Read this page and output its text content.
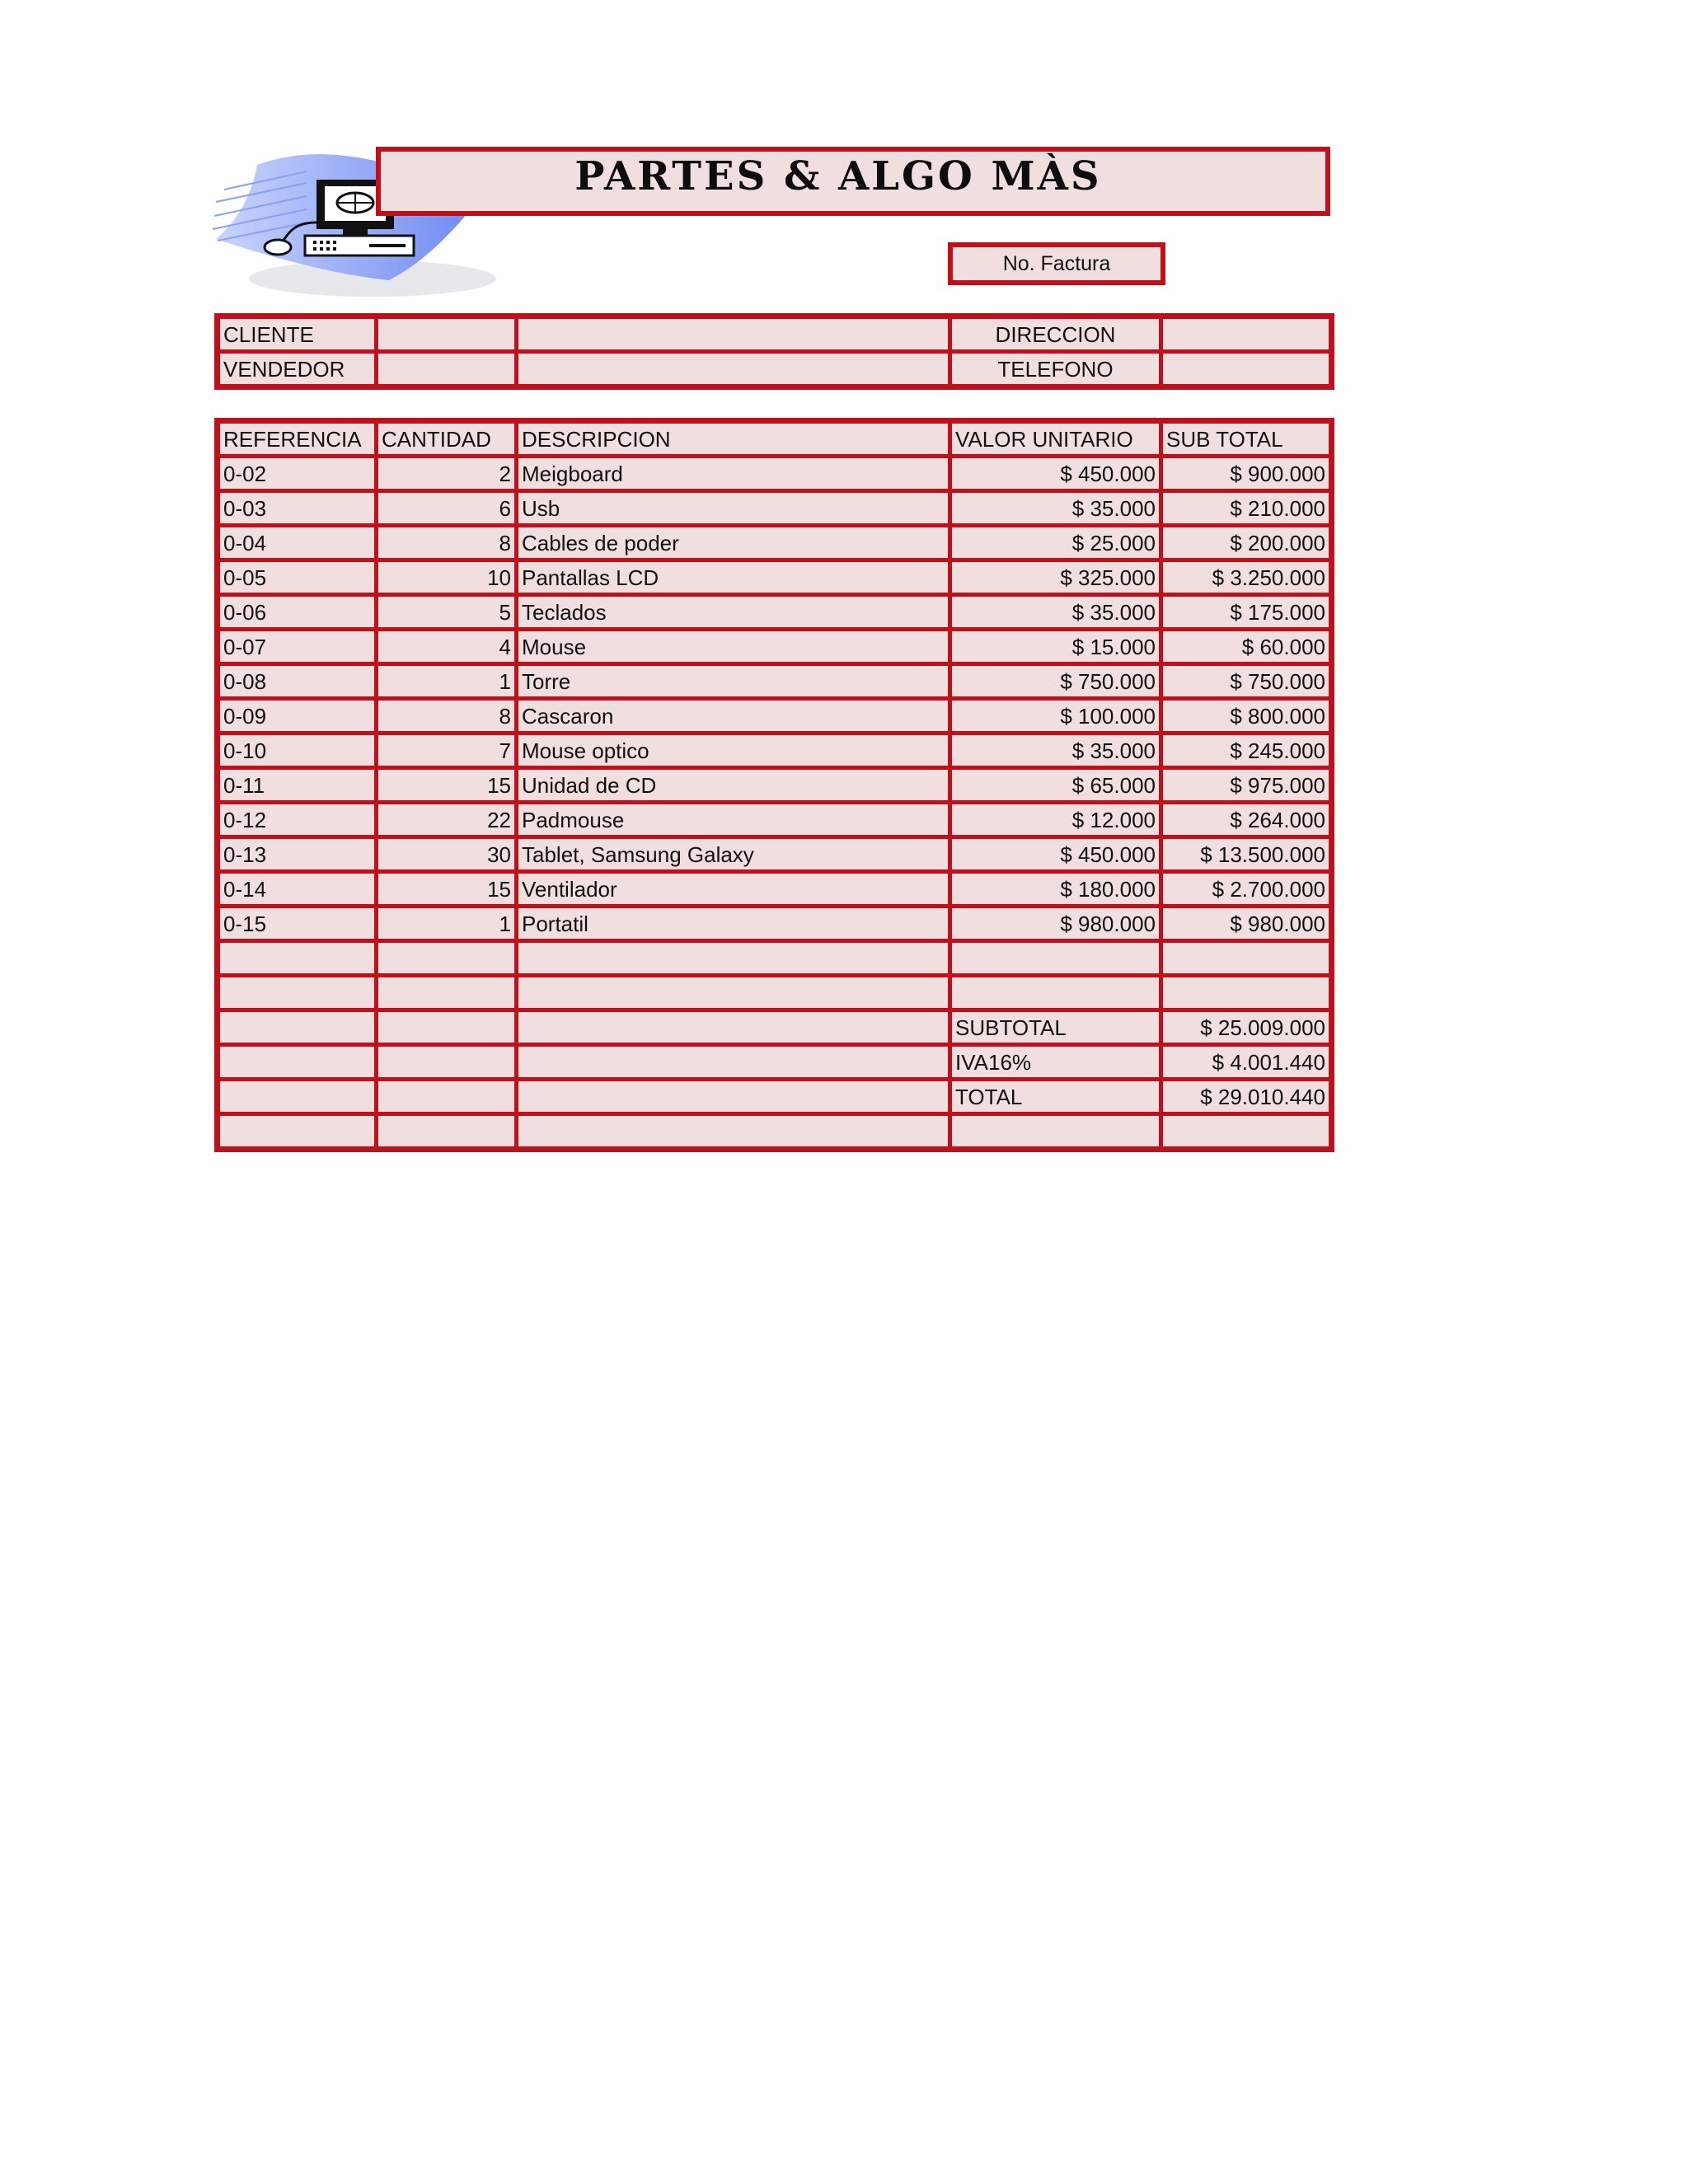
PARTES & ALGO MÀS
No. Factura
CLIENTE			DIRECCION	
VENDEDOR			TELEFONO	
REFERENCIA	CANTIDAD	DESCRIPCION	VALOR UNITARIO	SUB TOTAL
0-02	2	Meigboard	$ 450.000	$ 900.000
0-03	6	Usb	$ 35.000	$ 210.000
0-04	8	Cables de poder	$ 25.000	$ 200.000
0-05	10	Pantallas LCD	$ 325.000	$ 3.250.000
0-06	5	Teclados	$ 35.000	$ 175.000
0-07	4	Mouse	$ 15.000	$ 60.000
0-08	1	Torre	$ 750.000	$ 750.000
0-09	8	Cascaron	$ 100.000	$ 800.000
0-10	7	Mouse optico	$ 35.000	$ 245.000
0-11	15	Unidad de CD	$ 65.000	$ 975.000
0-12	22	Padmouse	$ 12.000	$ 264.000
0-13	30	Tablet, Samsung Galaxy	$ 450.000	$ 13.500.000
0-14	15	Ventilador	$ 180.000	$ 2.700.000
0-15	1	Portatil	$ 980.000	$ 980.000

			SUBTOTAL	$ 25.009.000
			IVA16%	$ 4.001.440
			TOTAL	$ 29.010.440
